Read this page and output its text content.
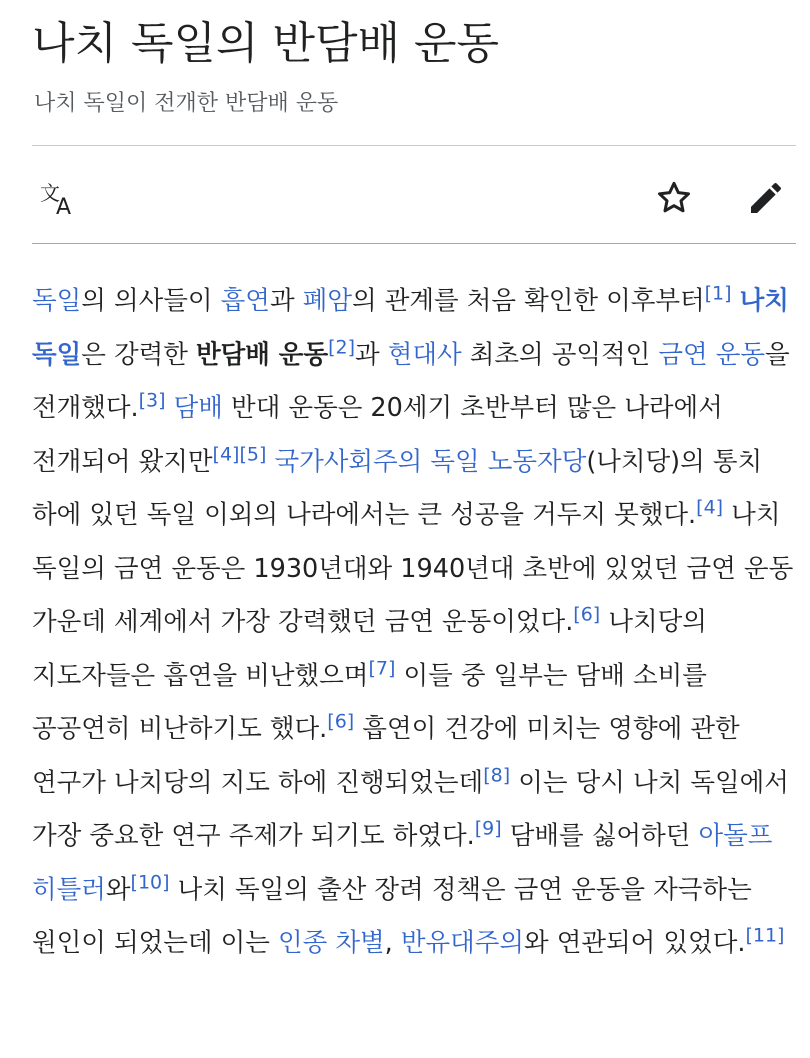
나치 독일의 반담배 운동
나치 독일이 전개한 반담배 운동
文
A

독일의 의사들이 흡연과 폐암의 관계를 처음 확인한 이후부터[1] 나치 독일은 강력한 반담배 운동[2]과 현대사 최초의 공익적인 금연 운동을 전개했다.[3] 담배 반대 운동은 20세기 초반부터 많은 나라에서 전개되어 왔지만[4][5] 국가사회주의 독일 노동자당(나치당)의 통치 하에 있던 독일 이외의 나라에서는 큰 성공을 거두지 못했다.[4] 나치 독일의 금연 운동은 1930년대와 1940년대 초반에 있었던 금연 운동 가운데 세계에서 가장 강력했던 금연 운동이었다.[6] 나치당의 지도자들은 흡연을 비난했으며[7] 이들 중 일부는 담배 소비를 공공연히 비난하기도 했다.[6] 흡연이 건강에 미치는 영향에 관한 연구가 나치당의 지도 하에 진행되었는데[8] 이는 당시 나치 독일에서 가장 중요한 연구 주제가 되기도 하였다.[9] 담배를 싫어하던 아돌프 히틀러와[10] 나치 독일의 출산 장려 정책은 금연 운동을 자극하는 원인이 되었는데 이는 인종 차별, 반유대주의와 연관되어 있었다.[11]
